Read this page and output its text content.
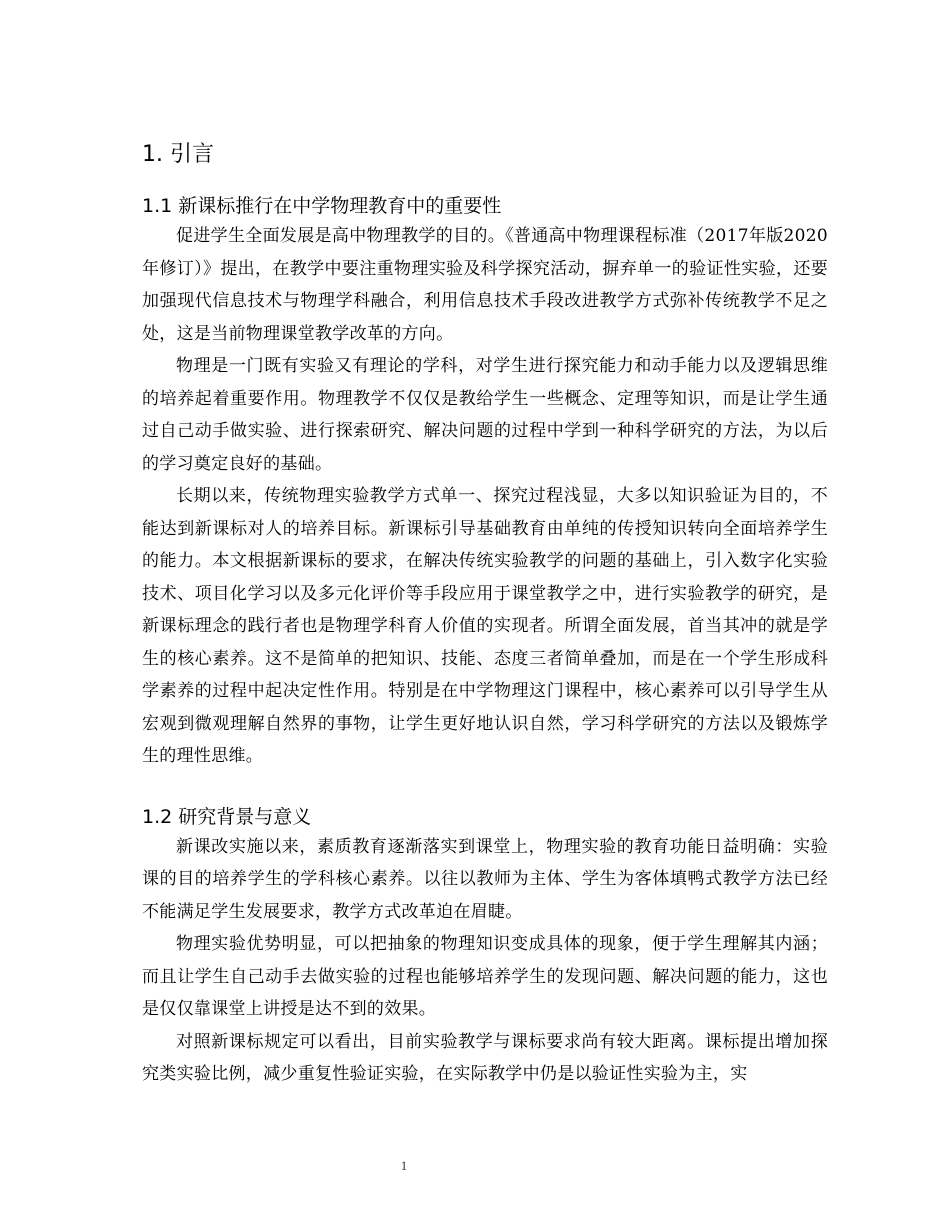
1. 引言
1.1 新课标推行在中学物理教育中的重要性

促进学生全面发展是高中物理教学的目的。《普通高中物理课程标准（2017年版2020年修订）》提出，在教学中要注重物理实验及科学探究活动，摒弃单一的验证性实验，还要加强现代信息技术与物理学科融合，利用信息技术手段改进教学方式弥补传统教学不足之处，这是当前物理课堂教学改革的方向。

物理是一门既有实验又有理论的学科，对学生进行探究能力和动手能力以及逻辑思维的培养起着重要作用。物理教学不仅仅是教给学生一些概念、定理等知识，而是让学生通过自己动手做实验、进行探索研究、解决问题的过程中学到一种科学研究的方法，为以后的学习奠定良好的基础。

长期以来，传统物理实验教学方式单一、探究过程浅显，大多以知识验证为目的，不能达到新课标对人的培养目标。新课标引导基础教育由单纯的传授知识转向全面培养学生的能力。本文根据新课标的要求，在解决传统实验教学的问题的基础上，引入数字化实验技术、项目化学习以及多元化评价等手段应用于课堂教学之中，进行实验教学的研究，是新课标理念的践行者也是物理学科育人价值的实现者。所谓全面发展，首当其冲的就是学生的核心素养。这不是简单的把知识、技能、态度三者简单叠加，而是在一个学生形成科学素养的过程中起决定性作用。特别是在中学物理这门课程中，核心素养可以引导学生从宏观到微观理解自然界的事物，让学生更好地认识自然，学习科学研究的方法以及锻炼学生的理性思维。

1.2 研究背景与意义

新课改实施以来，素质教育逐渐落实到课堂上，物理实验的教育功能日益明确：实验课的目的培养学生的学科核心素养。以往以教师为主体、学生为客体填鸭式教学方法已经不能满足学生发展要求，教学方式改革迫在眉睫。

物理实验优势明显，可以把抽象的物理知识变成具体的现象，便于学生理解其内涵；而且让学生自己动手去做实验的过程也能够培养学生的发现问题、解决问题的能力，这也是仅仅靠课堂上讲授是达不到的效果。

对照新课标规定可以看出，目前实验教学与课标要求尚有较大距离。课标提出增加探究类实验比例，减少重复性验证实验，在实际教学中仍是以验证性实验为主，实

1
